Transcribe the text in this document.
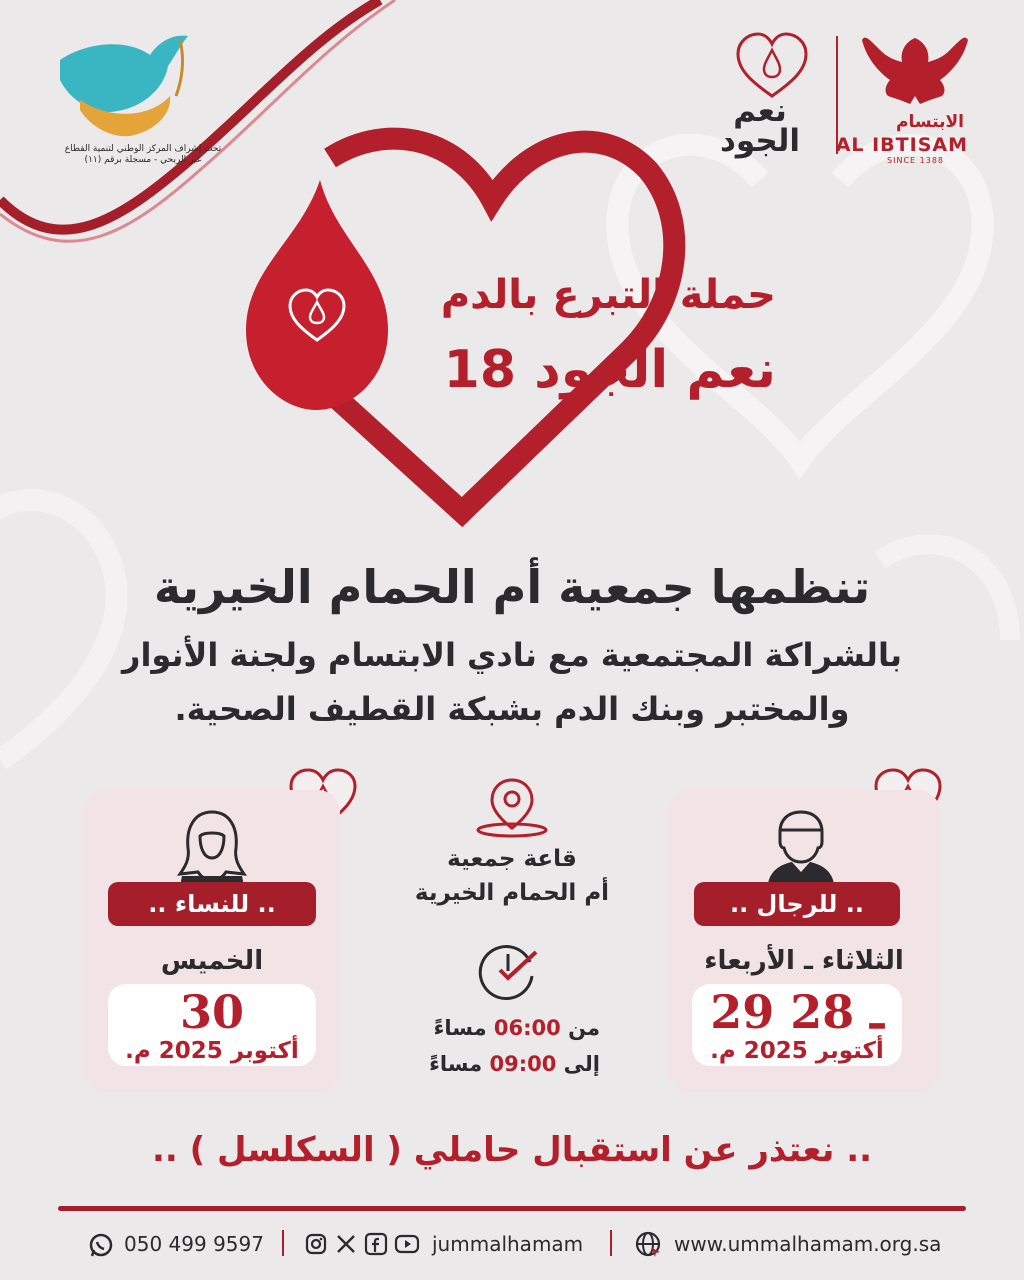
الابتسام
AL IBTISAM
SINCE 1388
نعم
الجود
تحت إشراف المركز الوطني لتنمية القطاع
غير الربحي - مسجلة برقم (١١)
حملة التبرع بالدم
نعم الجود 18
تنظمها جمعية أم الحمام الخيرية
بالشراكة المجتمعية مع نادي الابتسام ولجنة الأنوار
والمختبر وبنك الدم بشبكة القطيف الصحية.
.. للرجال ..
الثلاثاء ـ الأربعاء
29 ـ 28
أكتوبر 2025 م.
.. للنساء ..
الخميس
30
أكتوبر 2025 م.
قاعة جمعية
أم الحمام الخيرية
من 06:00 مساءً
إلى 09:00 مساءً
.. نعتذر عن استقبال حاملي ( السكلسل ) ..
050 499 9597	jummalhamam	www.ummalhamam.org.sa
